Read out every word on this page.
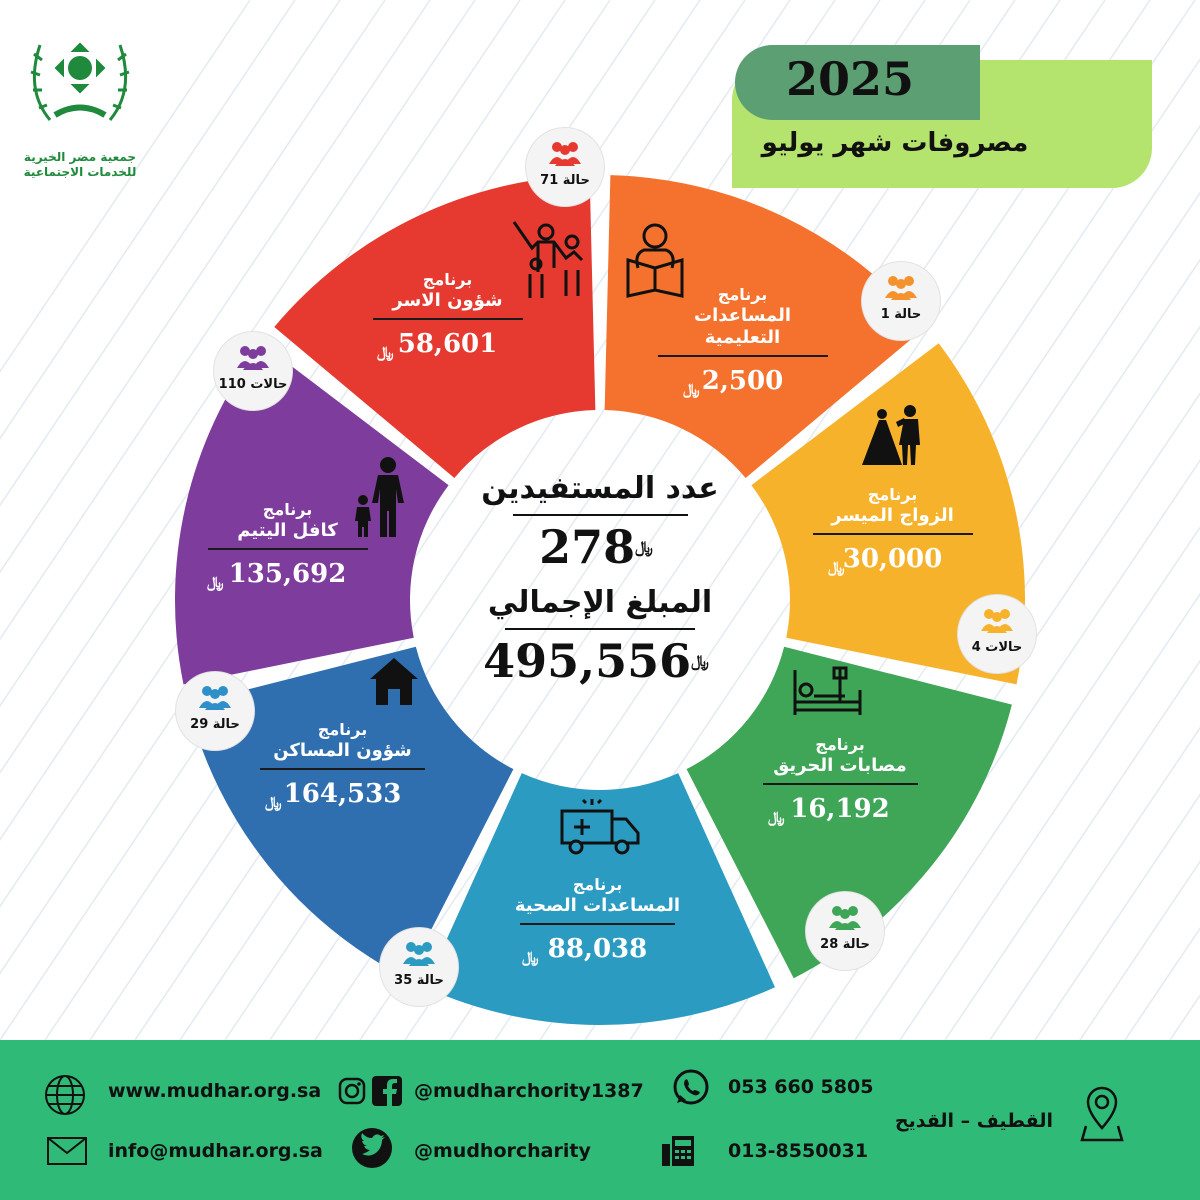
جمعية مضر الخيرية
للخدمات الاجتماعية
2025
مصروفات شهر يوليو
برنامج
المساعدات التعليمية
2,500
﷼
برنامج
الزواج الميسر
30,000
﷼
برنامج
مصابات الحريق
16,192
﷼
برنامج
المساعدات الصحية
88,038
﷼
برنامج
شؤون المساكن
164,533
﷼
برنامج
كافل اليتيم
135,692
﷼
برنامج
شؤون الاسر
58,601
﷼
حالة 1
حالات 4
حالة 28
حالة 35
حالة 29
حالات 110
حالة 71
عدد المستفيدين
﷼278
المبلغ الإجمالي
﷼495,556
www.mudhar.org.sa
info@mudhar.org.sa
@mudharchority1387
@mudhorcharity
053 660 5805
013-8550031
القطيف – القديح
